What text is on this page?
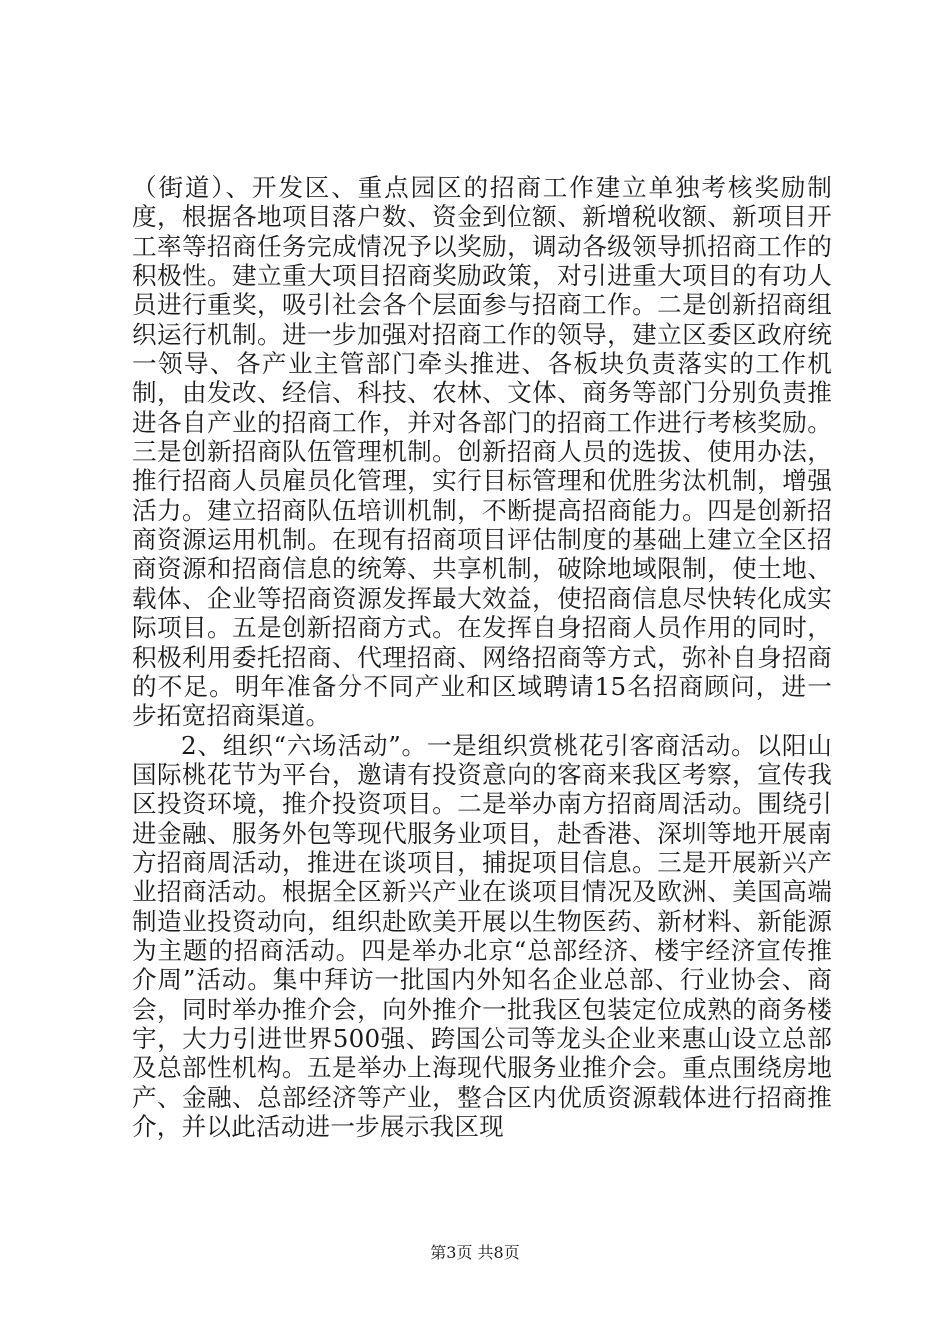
（街道）、开发区、重点园区的招商工作建立单独考核奖励制度，根据各地项目落户数、资金到位额、新增税收额、新项目开工率等招商任务完成情况予以奖励，调动各级领导抓招商工作的积极性。建立重大项目招商奖励政策，对引进重大项目的有功人员进行重奖，吸引社会各个层面参与招商工作。二是创新招商组织运行机制。进一步加强对招商工作的领导，建立区委区政府统一领导、各产业主管部门牵头推进、各板块负责落实的工作机制，由发改、经信、科技、农林、文体、商务等部门分别负责推进各自产业的招商工作，并对各部门的招商工作进行考核奖励。三是创新招商队伍管理机制。创新招商人员的选拔、使用办法，推行招商人员雇员化管理，实行目标管理和优胜劣汰机制，增强活力。建立招商队伍培训机制，不断提高招商能力。四是创新招商资源运用机制。在现有招商项目评估制度的基础上建立全区招商资源和招商信息的统筹、共享机制，破除地域限制，使土地、载体、企业等招商资源发挥最大效益，使招商信息尽快转化成实际项目。五是创新招商方式。在发挥自身招商人员作用的同时，积极利用委托招商、代理招商、网络招商等方式，弥补自身招商的不足。明年准备分不同产业和区域聘请15名招商顾问，进一步拓宽招商渠道。

2、组织“六场活动”。一是组织赏桃花引客商活动。以阳山国际桃花节为平台，邀请有投资意向的客商来我区考察，宣传我区投资环境，推介投资项目。二是举办南方招商周活动。围绕引进金融、服务外包等现代服务业项目，赴香港、深圳等地开展南方招商周活动，推进在谈项目，捕捉项目信息。三是开展新兴产业招商活动。根据全区新兴产业在谈项目情况及欧洲、美国高端制造业投资动向，组织赴欧美开展以生物医药、新材料、新能源为主题的招商活动。四是举办北京“总部经济、楼宇经济宣传推介周”活动。集中拜访一批国内外知名企业总部、行业协会、商会，同时举办推介会，向外推介一批我区包装定位成熟的商务楼宇，大力引进世界500强、跨国公司等龙头企业来惠山设立总部及总部性机构。五是举办上海现代服务业推介会。重点围绕房地产、金融、总部经济等产业，整合区内优质资源载体进行招商推介，并以此活动进一步展示我区现

第3页 共8页
